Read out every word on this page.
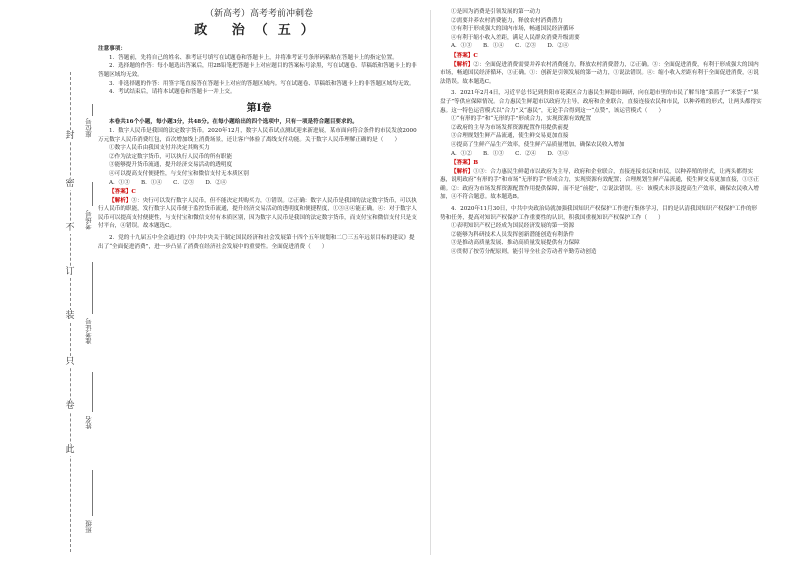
封
密
不
订
装
只
卷
此
座位号
考场号
准考证号
姓名
班级
（新高考）高考考前冲刺卷
政 治（五）
注意事项：

1．答题前，先将自己的姓名、准考证号填写在试题卷和答题卡上，并将准考证号条形码粘贴在答题卡上的指定位置。

2．选择题的作答：每小题选出答案后，用2B铅笔把答题卡上对应题目的答案标号涂黑，写在试题卷、草稿纸和答题卡上的非答题区域均无效。

3．非选择题的作答：用签字笔直接答在答题卡上对应的答题区域内。写在试题卷、草稿纸和答题卡上的非答题区域均无效。

4．考试结束后，请将本试题卷和答题卡一并上交。

第Ⅰ卷

本卷共16个小题，每小题3分，共48分。在每小题给出的四个选项中，只有一项是符合题目要求的。

1．数字人民币是我国的法定数字货币。2020年12月，数字人民币试点测试迎来新进展，某市面向符合条件的市民发放2000万元数字人民币消费红包，首次增加线上消费场景，还让客户体验了离线支付功能。关于数字人民币理解正确的是（　　）

①数字人民币由我国支付并决定其购买力

②作为法定数字货币，可以执行人民币的所有职能

③能够提升货币流通，提升经济交易活动的透明度

④可以提高支付便捷性，与支付宝和微信支付无本质区别

A．①③　　B．①④　　C．②③　　D．②④

【答案】C

【解析】③：央行可以发行数字人民币，但不能决定其购买力，①错误。②正确：数字人民币是我国的法定数字货币，可以执行人民币的职能，发行数字人民币便于监控货币流通，提升经济交易活动的透明度和便捷程度，①③④④能正确。④：对于数字人民币可以提高支付便捷性，与支付宝和微信支付有本质区别，因为数字人民币是我国的法定数字货币，而支付宝和微信支付只是支付平台，④错误。故本题选C。

2．党的十九届五中全会通过的《中共中央关于制定国民经济和社会发展第十四个五年规划和二〇三五年远景目标的建议》提出了“全面促进消费”，进一步凸显了消费在经济社会发展中的重要性。全面促进消费（　　）

①是因为消费是引领发展的第一动力

②需要并养农村消费能力，释放农村消费潜力

③有利于形成强大的国内市场，畅通国民经济循环

④有利于缩小收入差距，满足人民群众消费升级需要

A．①③　　B．①④　　C．②③　　D．②④

【答案】C

【解析】②：全面促进消费需要并养农村消费能力，释放农村消费潜力，②正确。③：全面促进消费，有利于形成强大的国内市场，畅通国民经济循环，③正确。①：创新是引领发展的第一动力，①说法错误。④：缩小收入差距有利于全面促进消费，④说法错误。故本题选C。

3．2021年2月4日，习近平总书记到贵阳市花溪区合力惠民生鲜超市调研，向在超市里的市民了解当地“菜篮子”“米袋子”“果盘子”等供应保障情况。合力惠民生鲜超市以政府为主导，政府和企业联合，直接连接农民和市民，以种养殖的形式，让两头都得实惠。这一特色运营模式以“合力”又“惠民”，无论手合得到这一“点赞”，该运营模式（　　）

①“有形的手”和“无形的手”形成合力，实现资源有效配置

②政府的主导为市场发挥资源配置作用提供前提

③合理规划生鲜产品流通，使生鲜交易更加直接

④提高了生鲜产品生产效率，使生鲜产品质量增加，确保农民收入增加

A．①②　　B．①③　　C．②④　　D．③④

【答案】B

【解析】①③：合力惠民生鲜超市以政府为主导，政府和企业联合，直接连接农民和市民，以种养殖的形式，让两头都得实惠，说明政府“有形的手”和市场“无形的手”形成合力，实现资源有效配置；合理规划生鲜产品流通，使生鲜交易更加直接，①③正确。②：政府为市场发挥资源配置作用提供保障，而不是“前提”，②说法错误。④：该模式未涉及提高生产效率，确保农民收入增加，④不符合题意。故本题选B。

4．2020年11月30日，中共中央政治局就加强我国知识产权保护工作进行集体学习，目的是认清我国知识产权保护工作的形势和任务，提高对知识产权保护工作重要性的认识，积我国重视知识产权保护工作（　　）

①表明知识产权已经成为国民经济发展的第一资源

②能够为科研技术人员发挥创新潜能创造有利条件

③是推动高质量发展、推动高质量发展提供有力保障

④贯彻了按劳分配原则，能引导全社会劳动者辛勤劳动创造
